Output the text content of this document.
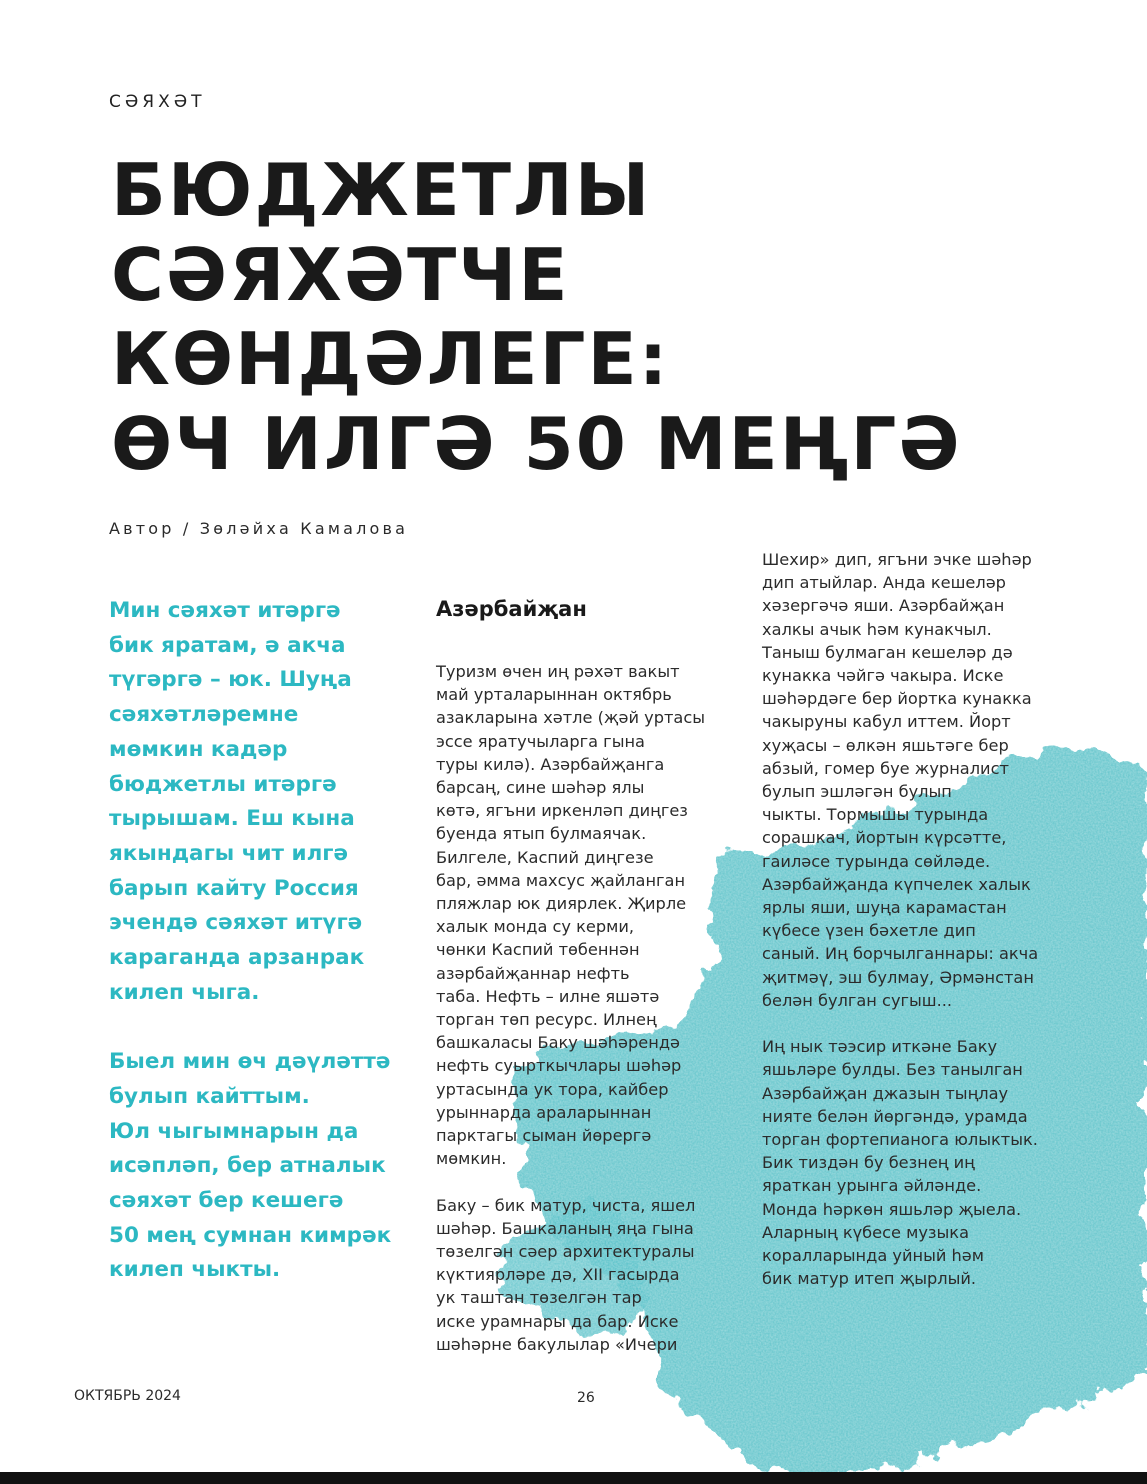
СӘЯХӘТ
БЮДЖЕТЛЫ
СӘЯХӘТЧЕ
КӨНДӘЛЕГЕ:
ӨЧ ИЛГӘ 50 МЕҢГӘ
Автор / Зөләйха Камалова

Мин сәяхәт итәргә
бик яратам, ә акча
түгәргә – юк. Шуңа
сәяхәтләремне
мөмкин кадәр
бюджетлы итәргә
тырышам. Еш кына
якындагы чит илгә
барып кайту Россия
эчендә сәяхәт итүгә
караганда арзанрак
килеп чыга.

Быел мин өч дәүләттә
булып кайттым.
Юл чыгымнарын да
исәпләп, бер атналык
сәяхәт бер кешегә
50 мең сумнан кимрәк
килеп чыкты.

Азәрбайҗан

Туризм өчен иң рәхәт вакыт
май урталарыннан октябрь
азакларына хәтле (җәй уртасы
эссе яратучыларга гына
туры килә). Азәрбайҗанга
барсаң, сине шәһәр ялы
көтә, ягъни иркенләп диңгез
буенда ятып булмаячак.
Билгеле, Каспий диңгезе
бар, әмма махсус җайланган
пляжлар юк диярлек. Җирле
халык монда су керми,
чөнки Каспий төбеннән
азәрбайҗаннар нефть
таба. Нефть – илне яшәтә
торган төп ресурс. Илнең
башкаласы Баку шәһәрендә
нефть суырткычлары шәһәр
уртасында ук тора, кайбер
урыннарда араларыннан
парктагы сыман йөрергә
мөмкин.

Баку – бик матур, чиста, яшел
шәһәр. Башкаланың яңа гына
төзелгән сәер архитектуралы
күктиярләре дә, XII гасырда
ук таштан төзелгән тар
иске урамнары да бар. Иске
шәһәрне бакулылар «Ичери

Шехир» дип, ягъни эчке шәһәр
дип атыйлар. Анда кешеләр
хәзергәчә яши. Азәрбайҗан
халкы ачык һәм кунакчыл.
Таныш булмаган кешеләр дә
кунакка чәйгә чакыра. Иске
шәһәрдәге бер йортка кунакка
чакыруны кабул иттем. Йорт
хуҗасы – өлкән яшьтәге бер
абзый, гомер буе журналист
булып эшләгән булып
чыкты. Тормышы турында
сорашкач, йортын күрсәтте,
гаиләсе турында сөйләде.
Азәрбайҗанда күпчелек халык
ярлы яши, шуңа карамастан
күбесе үзен бәхетле дип
саный. Иң борчылганнары: акча
җитмәү, эш булмау, Әрмәнстан
белән булган сугыш...

Иң нык тәэсир иткәне Баку
яшьләре булды. Без танылган
Азәрбайҗан джазын тыңлау
нияте белән йөргәндә, урамда
торган фортепианога юлыктык.
Бик тиздән бу безнең иң
яраткан урынга әйләнде.
Монда һәркөн яшьләр җыела.
Аларның күбесе музыка
коралларында уйный һәм
бик матур итеп җырлый.

ОКТЯБРЬ 2024	26
